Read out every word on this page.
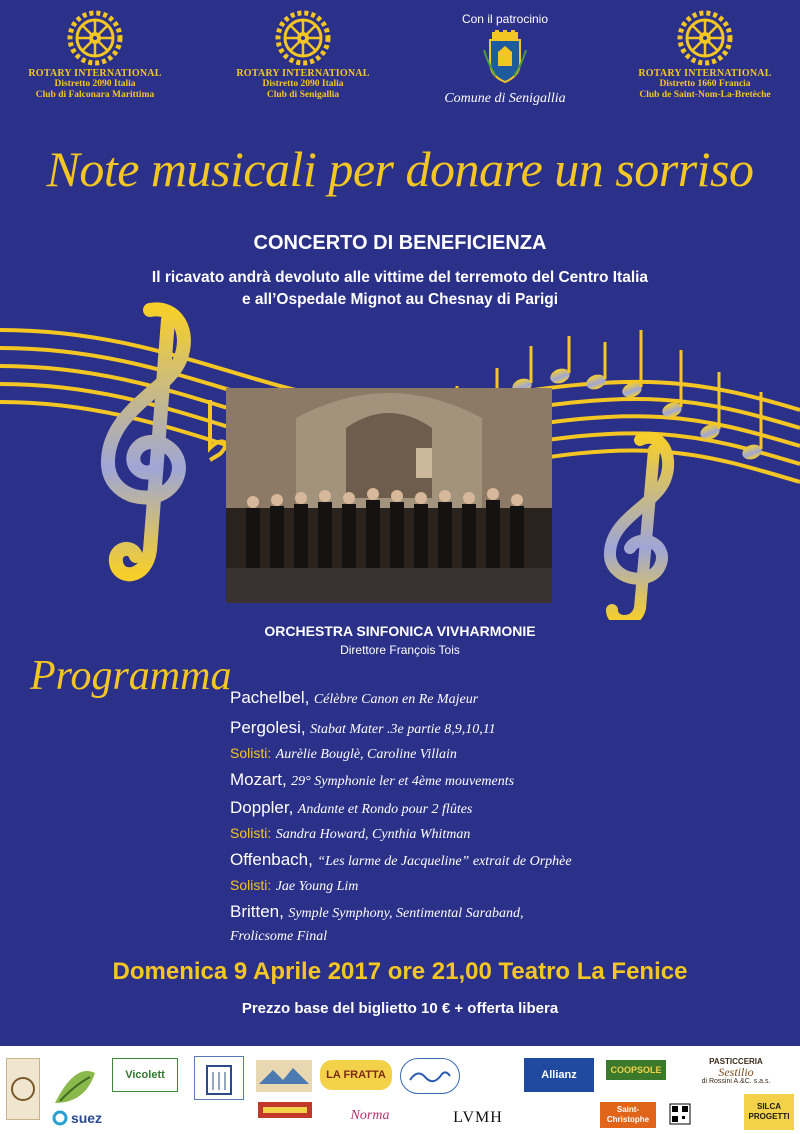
ROTARY INTERNATIONAL
Distretto 2090 Italia
Club di Falconara Marittima
ROTARY INTERNATIONAL
Distretto 2090 Italia
Club di Senigallia
Con il patrocinio
Comune di Senigallia
ROTARY INTERNATIONAL
Distretto 1660 Francia
Club de Saint-Nom-La-Bretèche
Note musicali per donare un sorriso
CONCERTO DI BENEFICIENZA
Il ricavato andrà devoluto alle vittime del terremoto del Centro Italia
e all’Ospedale Mignot au Chesnay di Parigi
ORCHESTRA SINFONICA VIVHARMONIE
Direttore François Tois
Programma
Pachelbel, Célèbre Canon en Re Majeur
Pergolesi, Stabat Mater .3e partie 8,9,10,11
Solisti: Aurèlie Bouglè, Caroline Villain
Mozart, 29° Symphonie ler et 4ème mouvements
Doppler, Andante et Rondo pour 2 flûtes
Solisti: Sandra Howard, Cynthia Whitman
Offenbach, “Les larme de Jacqueline” extrait de Orphèe
Solisti: Jae Young Lim
Britten, Symple Symphony, Sentimental Saraband,
Frolicsome Final
Domenica 9 Aprile 2017 ore 21,00 Teatro La Fenice
Prezzo base del biglietto 10 € + offerta libera
Vicolett	LA FRATTA	Allianz	COOPSOLE
PASTICCERIA
Sestilio
di Rossini A.&C. s.a.s.
suez	Norma	LVMH	Saint-Christophe
SILCA
PROGETTI
